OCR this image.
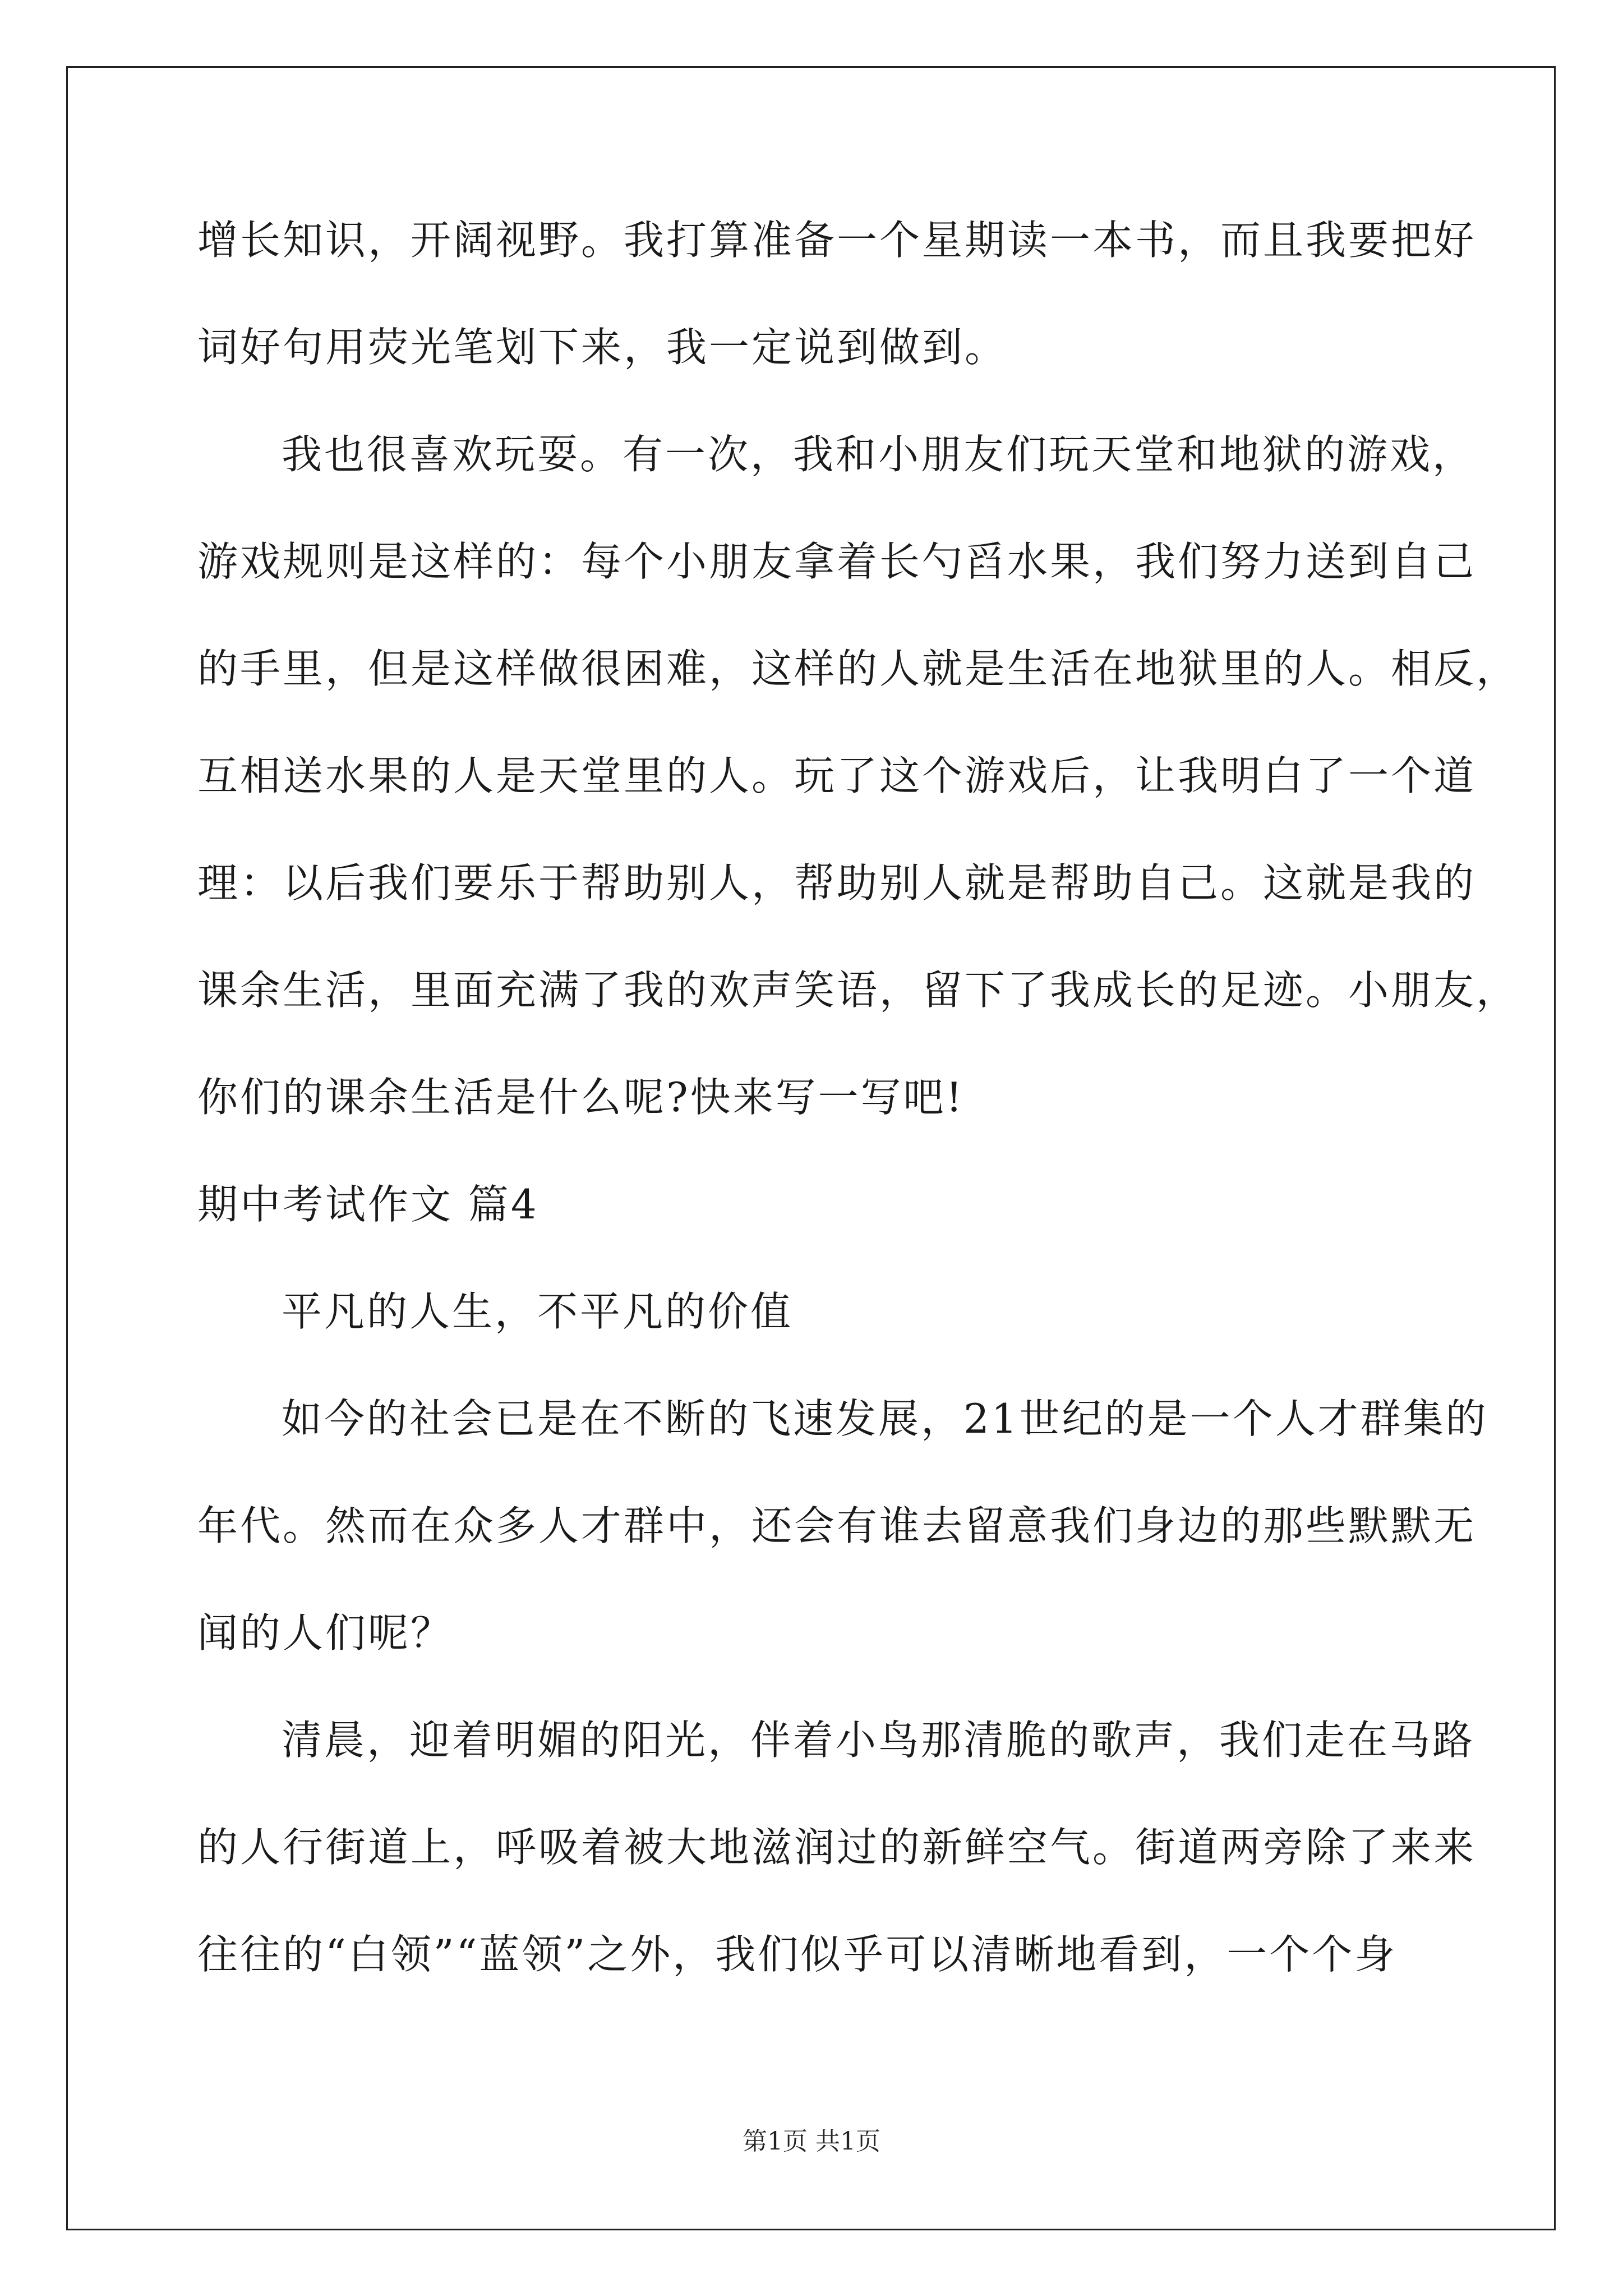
增长知识，开阔视野。我打算准备一个星期读一本书，而且我要把好
词好句用荧光笔划下来，我一定说到做到。
我也很喜欢玩耍。有一次，我和小朋友们玩天堂和地狱的游戏，
游戏规则是这样的：每个小朋友拿着长勺舀水果，我们努力送到自己
的手里，但是这样做很困难，这样的人就是生活在地狱里的人。相反，
互相送水果的人是天堂里的人。玩了这个游戏后，让我明白了一个道
理：以后我们要乐于帮助别人，帮助别人就是帮助自己。这就是我的
课余生活，里面充满了我的欢声笑语，留下了我成长的足迹。小朋友，
你们的课余生活是什么呢?快来写一写吧!
期中考试作文 篇4
平凡的人生，不平凡的价值
如今的社会已是在不断的飞速发展，21世纪的是一个人才群集的
年代。然而在众多人才群中，还会有谁去留意我们身边的那些默默无
闻的人们呢？
清晨，迎着明媚的阳光，伴着小鸟那清脆的歌声，我们走在马路
的人行街道上，呼吸着被大地滋润过的新鲜空气。街道两旁除了来来
往往的“白领”“蓝领”之外，我们似乎可以清晰地看到，一个个身
第1页 共1页
